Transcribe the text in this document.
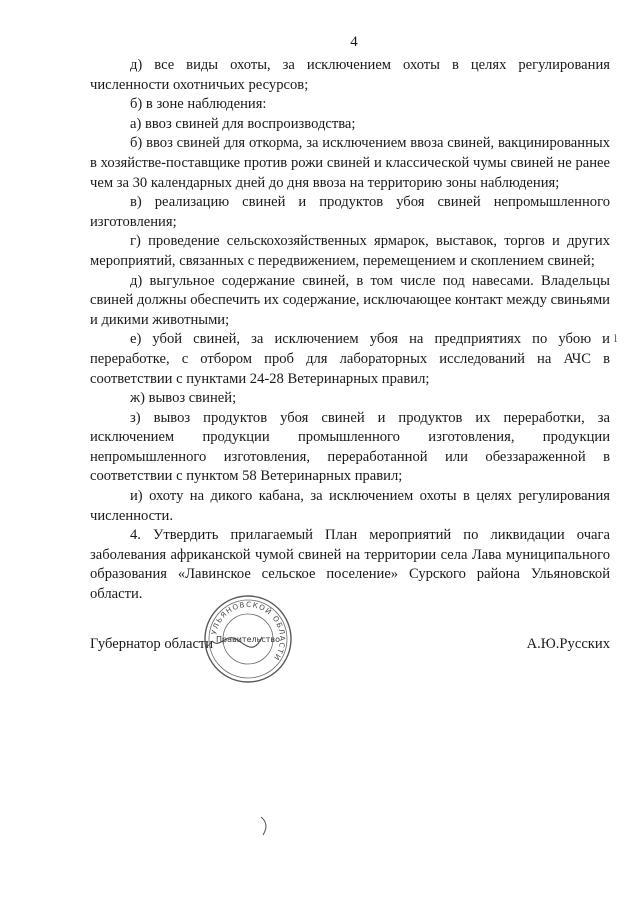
4

д) все виды охоты, за исключением охоты в целях регулирования численности охотничьих ресурсов;

б) в зоне наблюдения:

а) ввоз свиней для воспроизводства;

б) ввоз свиней для откорма, за исключением ввоза свиней, вакцинированных в хозяйстве-поставщике против рожи свиней и классической чумы свиней не ранее чем за 30 календарных дней до дня ввоза на территорию зоны наблюдения;

в) реализацию свиней и продуктов убоя свиней непромышленного изготовления;

г) проведение сельскохозяйственных ярмарок, выставок, торгов и других мероприятий, связанных с передвижением, перемещением и скоплением свиней;

д) выгульное содержание свиней, в том числе под навесами. Владельцы свиней должны обеспечить их содержание, исключающее контакт между свиньями и дикими животными;

е) убой свиней, за исключением убоя на предприятиях по убою и переработке, с отбором проб для лабораторных исследований на АЧС в соответствии с пунктами 24-28 Ветеринарных правил;

ж) вывоз свиней;

з) вывоз продуктов убоя свиней и продуктов их переработки, за исключением продукции промышленного изготовления, продукции непромышленного изготовления, переработанной или обеззараженной в соответствии с пунктом 58 Ветеринарных правил;

и) охоту на дикого кабана, за исключением охоты в целях регулирования численности.

4. Утвердить прилагаемый План мероприятий по ликвидации очага заболевания африканской чумой свиней на территории села Лава муниципального образования «Лавинское сельское поселение» Сурского района Ульяновской области.

Губернатор области	А.Ю.Русских
УЛЬЯНОВСКОЙ ОБЛАСТИ
Правительство
ⅼ
